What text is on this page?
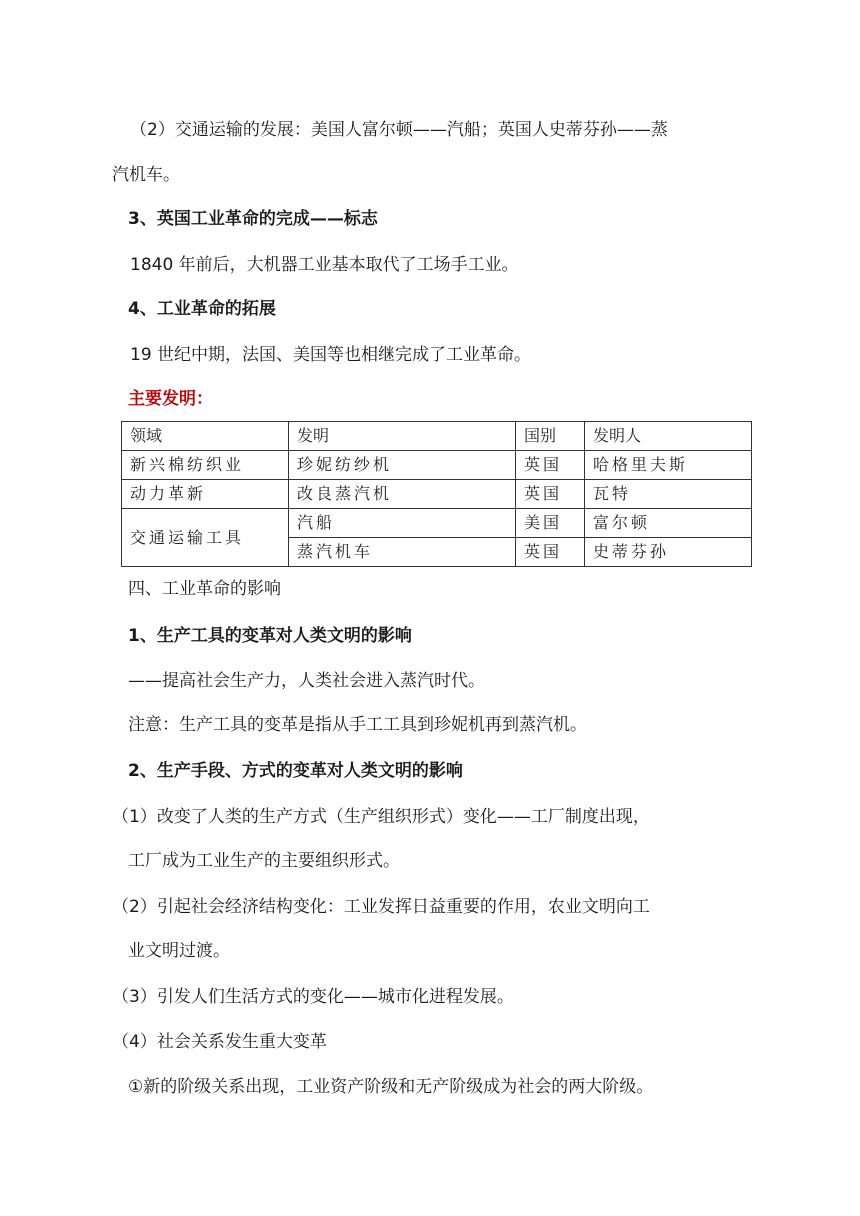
（2）交通运输的发展：美国人富尔顿——汽船；英国人史蒂芬孙——蒸
汽机车。
3、英国工业革命的完成——标志
1840 年前后，大机器工业基本取代了工场手工业。
4、工业革命的拓展
19 世纪中期，法国、美国等也相继完成了工业革命。
主要发明：
领域	发明	国别	发明人
新兴棉纺织业	珍妮纺纱机	英国	哈格里夫斯
动力革新	改良蒸汽机	英国	瓦特
交通运输工具	汽船	美国	富尔顿
	蒸汽机车	英国	史蒂芬孙
四、工业革命的影响
1、生产工具的变革对人类文明的影响
——提高社会生产力，人类社会进入蒸汽时代。
注意：生产工具的变革是指从手工工具到珍妮机再到蒸汽机。
2、生产手段、方式的变革对人类文明的影响
（1）改变了人类的生产方式（生产组织形式）变化——工厂制度出现，
工厂成为工业生产的主要组织形式。
（2）引起社会经济结构变化：工业发挥日益重要的作用，农业文明向工
业文明过渡。
（3）引发人们生活方式的变化——城市化进程发展。
（4）社会关系发生重大变革
①新的阶级关系出现，工业资产阶级和无产阶级成为社会的两大阶级。
